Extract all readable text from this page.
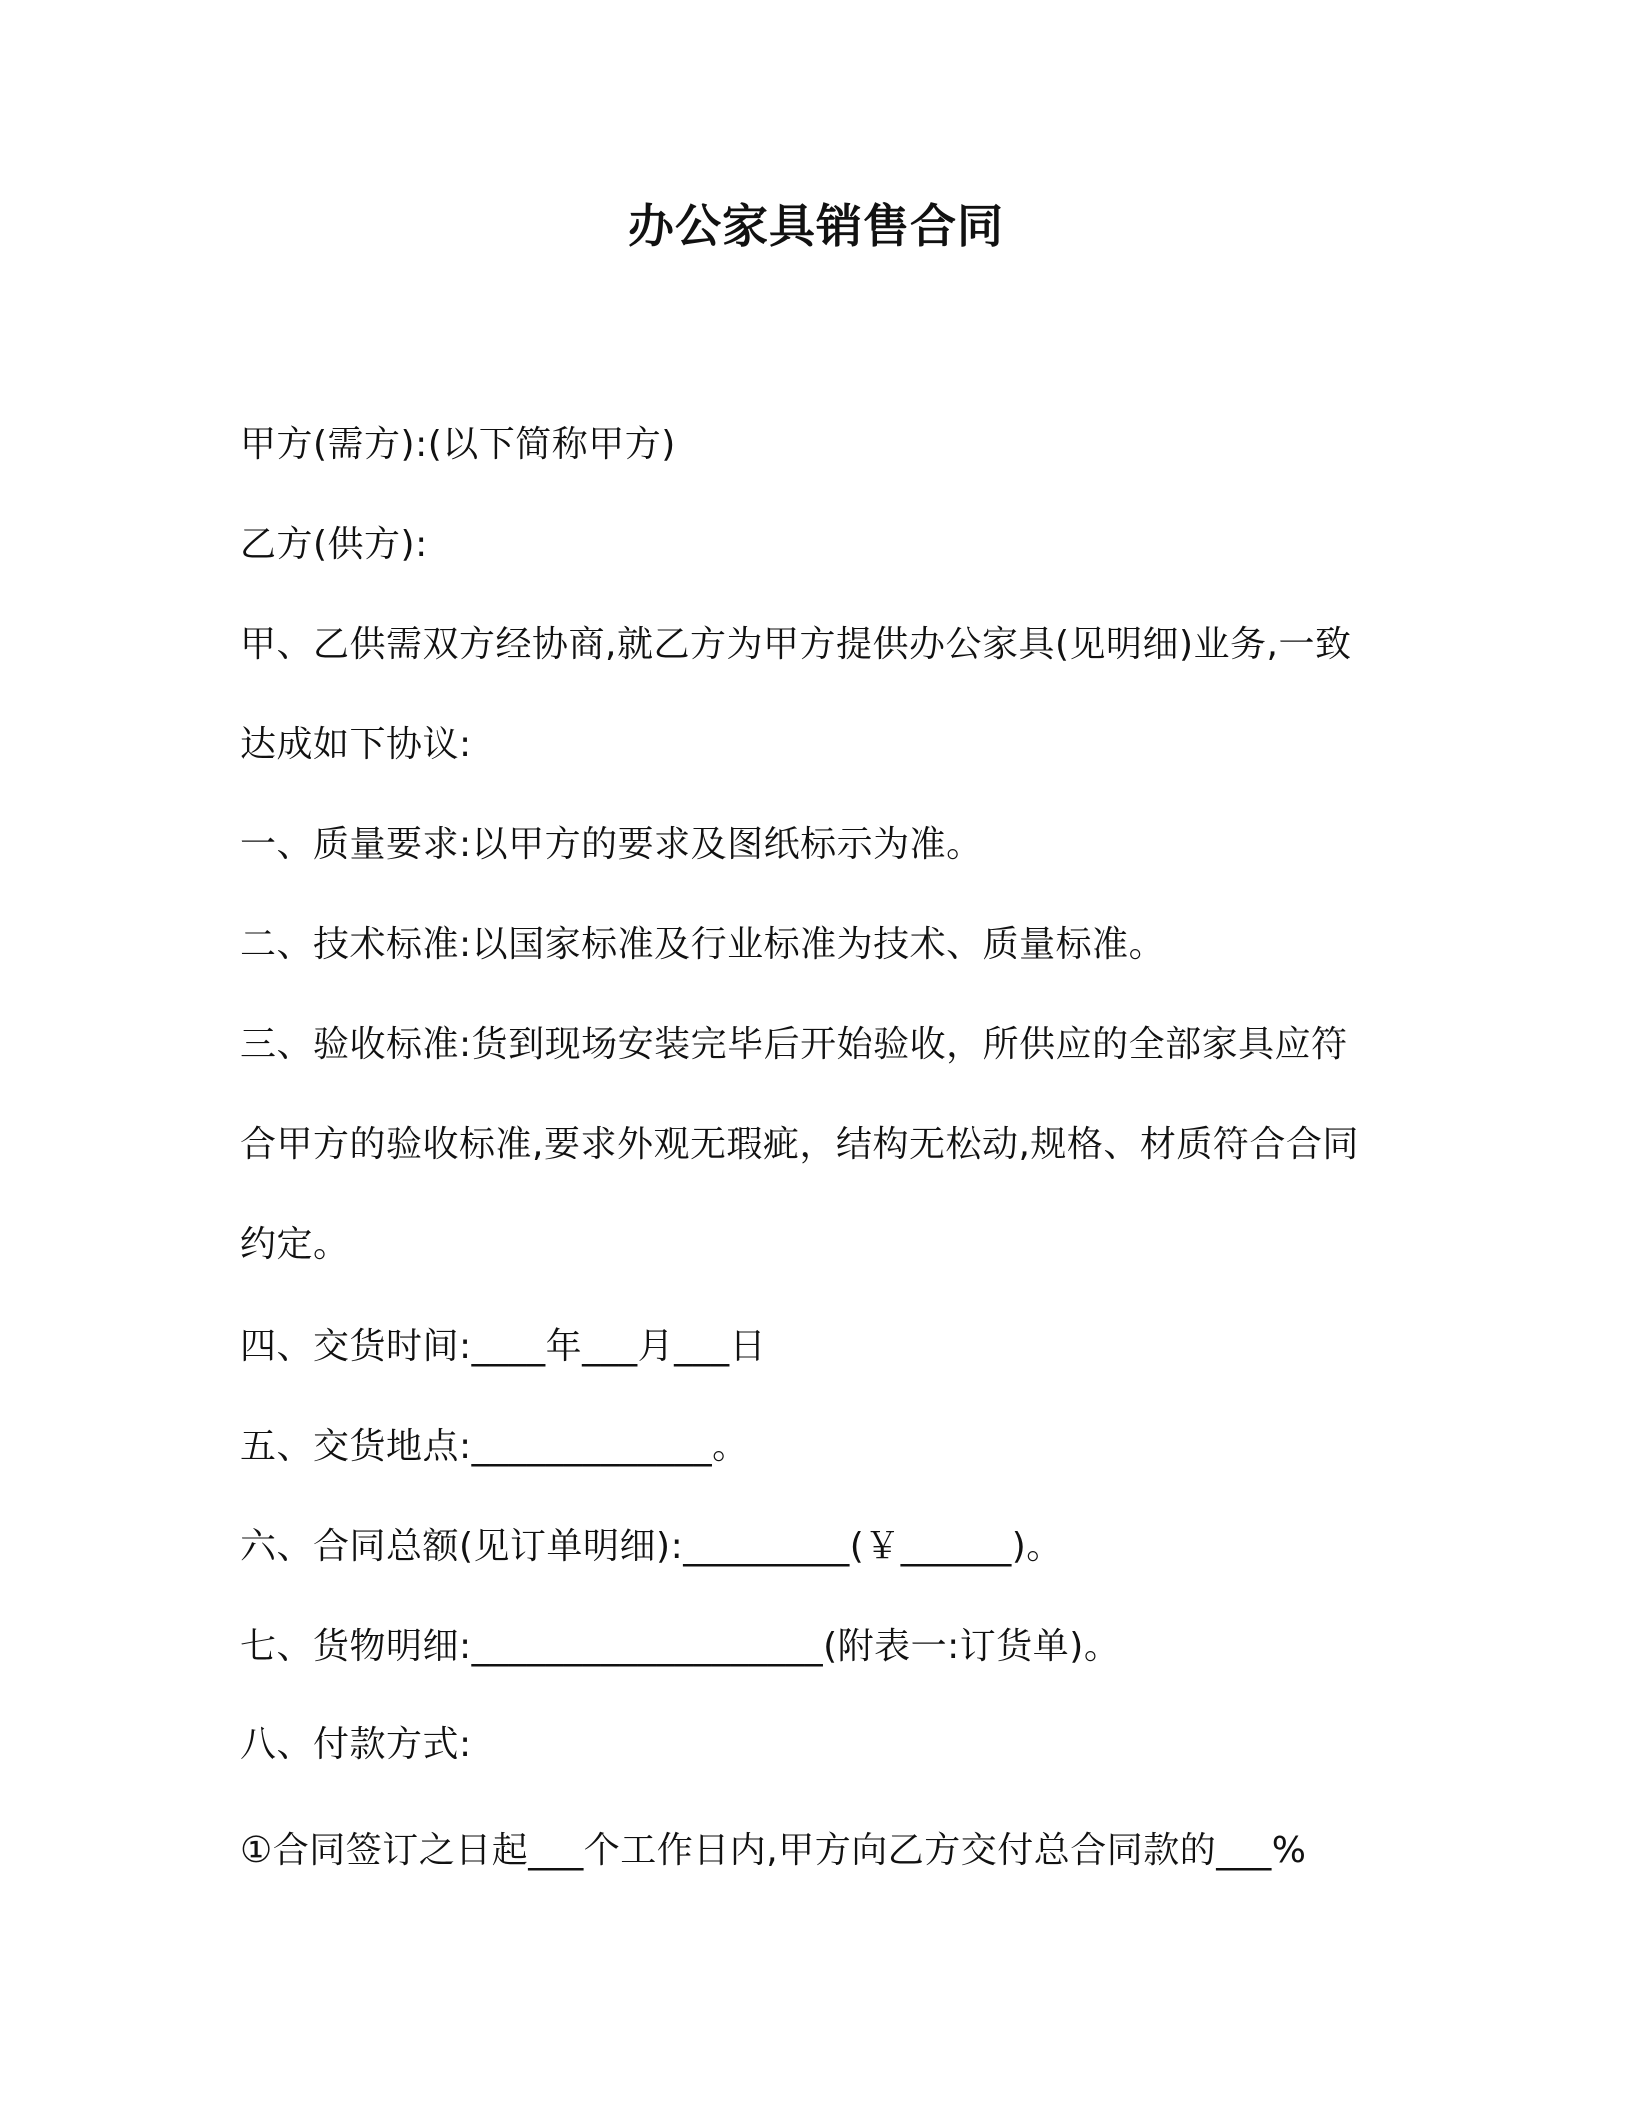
办公家具销售合同
甲方(需方):(以下简称甲方)
乙方(供方):
甲、乙供需双方经协商,就乙方为甲方提供办公家具(见明细)业务,一致
达成如下协议:
一、质量要求:以甲方的要求及图纸标示为准。
二、技术标准:以国家标准及行业标准为技术、质量标准。
三、验收标准:货到现场安装完毕后开始验收，所供应的全部家具应符
合甲方的验收标准,要求外观无瑕疵，结构无松动,规格、材质符合合同
约定。
四、交货时间:____年___月___日
五、交货地点:_____________。
六、合同总额(见订单明细):_________(￥______)。
七、货物明细:___________________(附表一:订货单)。
八、付款方式:
①合同签订之日起___个工作日内,甲方向乙方交付总合同款的___%
